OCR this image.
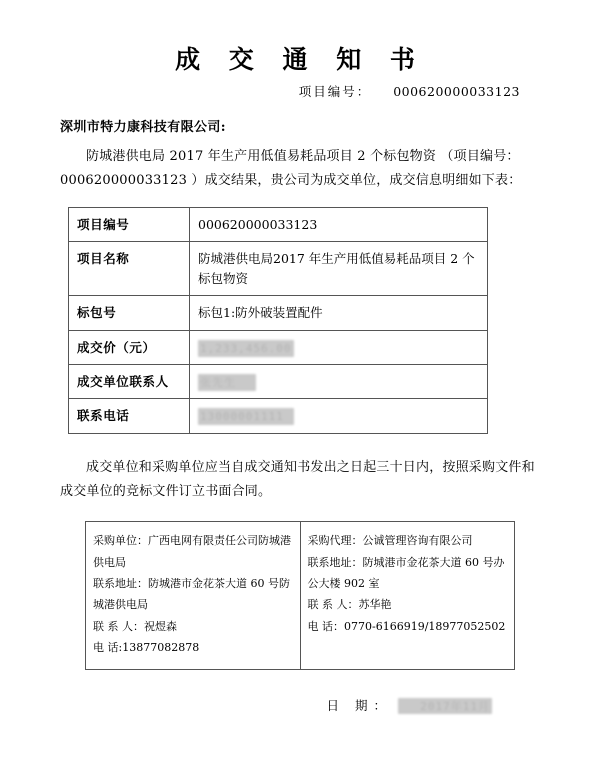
成 交 通 知 书
项目编号： 000620000033123
深圳市特力康科技有限公司:
防城港供电局 2017 年生产用低值易耗品项目 2 个标包物资 （项目编号：000620000033123 ）成交结果，贵公司为成交单位，成交信息明细如下表：
项目编号	000620000033123
项目名称	防城港供电局2017 年生产用低值易耗品项目 2 个标包物资
标包号	标包1:防外破装置配件
成交价（元）	1,233,456.00
成交单位联系人	张先生
联系电话	13000001111
成交单位和采购单位应当自成交通知书发出之日起三十日内，按照采购文件和成交单位的竞标文件订立书面合同。
采购单位：广西电网有限责任公司防城港供电局
联系地址：防城港市金花茶大道 60 号防城港供电局
联 系 人：祝煜森
电 话:13877082878

采购代理：公诚管理咨询有限公司
联系地址：防城港市金花茶大道 60 号办公大楼 902 室
联 系 人：苏华艳
电 话：0770-6166919/18977052502
日 期：	2017年11月
